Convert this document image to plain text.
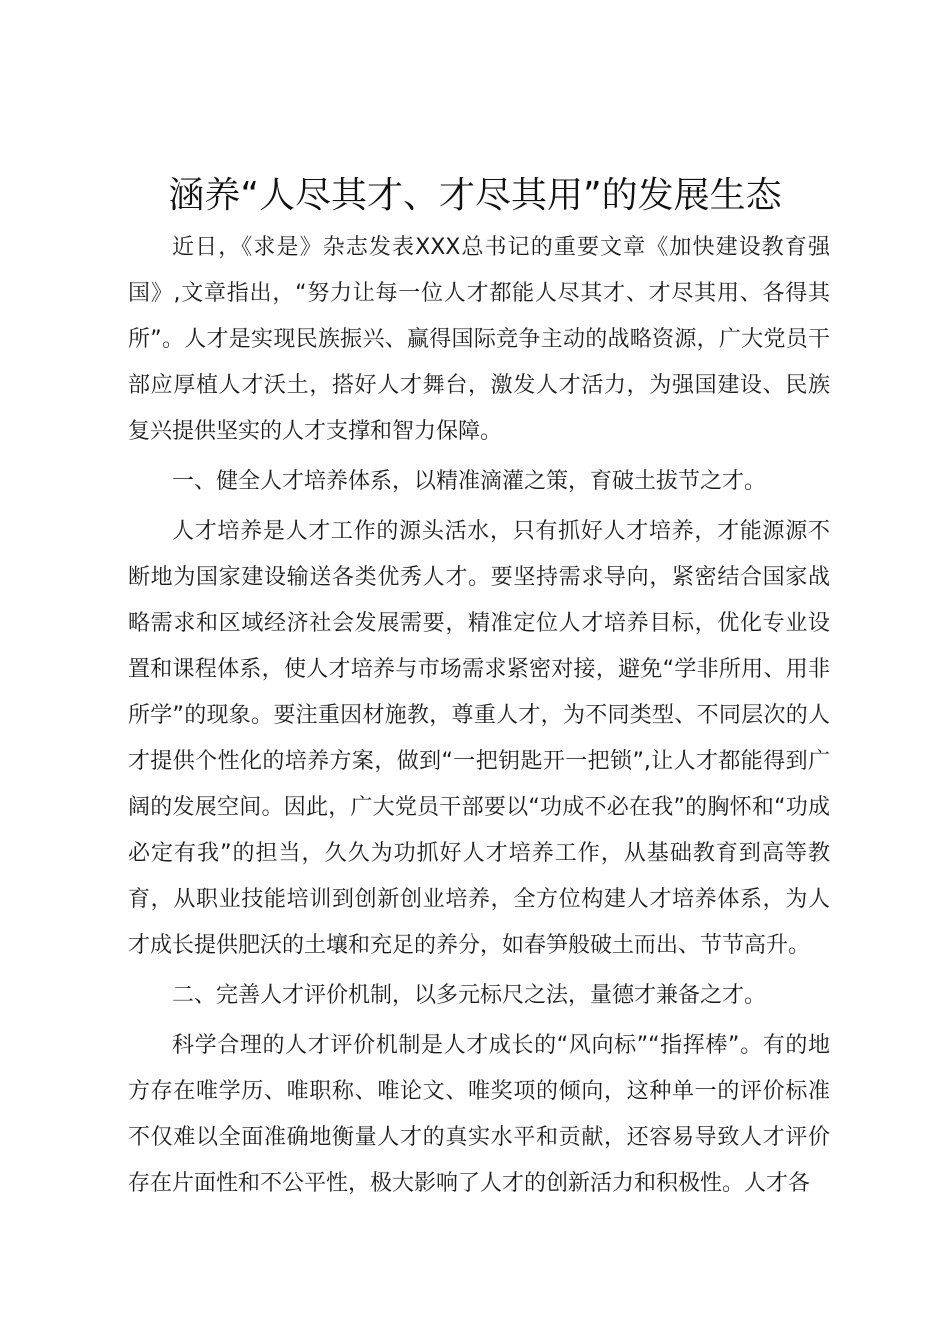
涵养“人尽其才、才尽其用”的发展生态

近日，《求是》杂志发表XXX总书记的重要文章《加快建设教育强国》,文章指出，“努力让每一位人才都能人尽其才、才尽其用、各得其所”。人才是实现民族振兴、赢得国际竞争主动的战略资源，广大党员干部应厚植人才沃土，搭好人才舞台，激发人才活力，为强国建设、民族复兴提供坚实的人才支撑和智力保障。

一、健全人才培养体系，以精准滴灌之策，育破土拔节之才。

人才培养是人才工作的源头活水，只有抓好人才培养，才能源源不断地为国家建设输送各类优秀人才。要坚持需求导向，紧密结合国家战略需求和区域经济社会发展需要，精准定位人才培养目标，优化专业设置和课程体系，使人才培养与市场需求紧密对接，避免“学非所用、用非所学”的现象。要注重因材施教，尊重人才，为不同类型、不同层次的人才提供个性化的培养方案，做到“一把钥匙开一把锁”,让人才都能得到广阔的发展空间。因此，广大党员干部要以“功成不必在我”的胸怀和“功成必定有我”的担当，久久为功抓好人才培养工作，从基础教育到高等教育，从职业技能培训到创新创业培养，全方位构建人才培养体系，为人才成长提供肥沃的土壤和充足的养分，如春笋般破土而出、节节高升。

二、完善人才评价机制，以多元标尺之法，量德才兼备之才。

科学合理的人才评价机制是人才成长的“风向标”“指挥棒”。有的地方存在唯学历、唯职称、唯论文、唯奖项的倾向，这种单一的评价标准不仅难以全面准确地衡量人才的真实水平和贡献，还容易导致人才评价存在片面性和不公平性，极大影响了人才的创新活力和积极性。人才各
